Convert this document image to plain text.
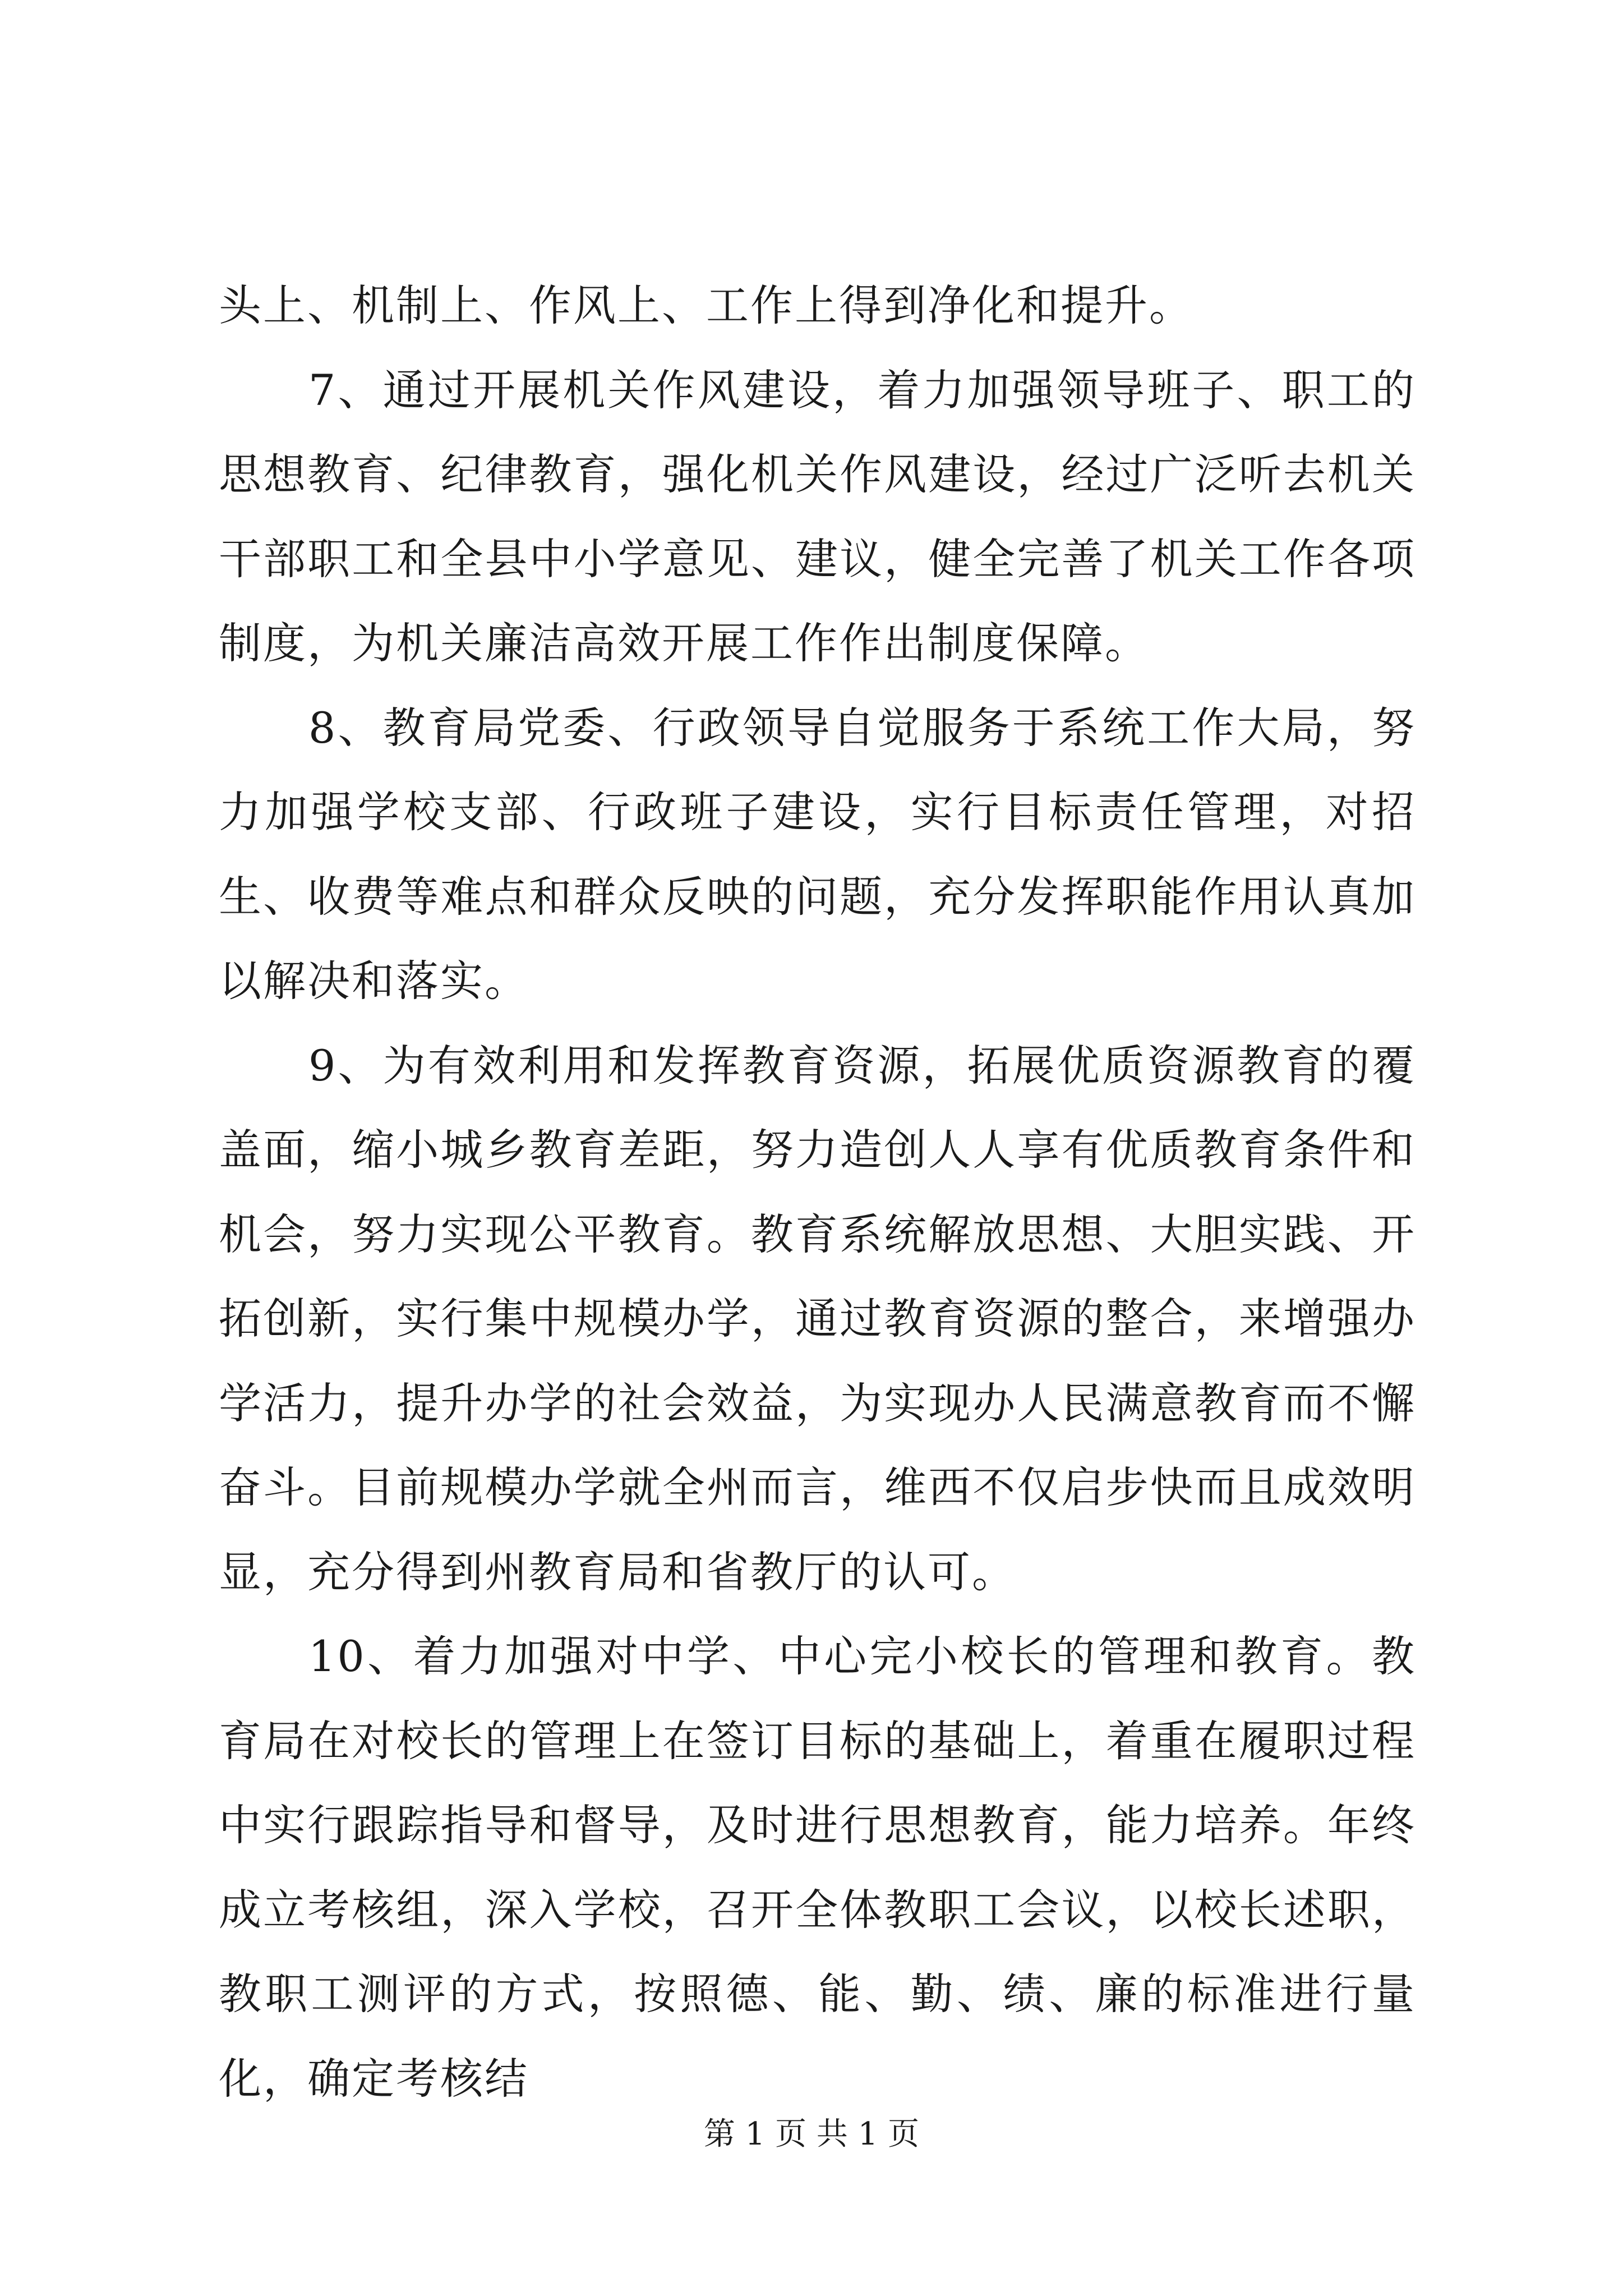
头上、机制上、作风上、工作上得到净化和提升。

7、通过开展机关作风建设，着力加强领导班子、职工的思想教育、纪律教育，强化机关作风建设，经过广泛听去机关干部职工和全县中小学意见、建议，健全完善了机关工作各项制度，为机关廉洁高效开展工作作出制度保障。

8、教育局党委、行政领导自觉服务于系统工作大局，努力加强学校支部、行政班子建设，实行目标责任管理，对招生、收费等难点和群众反映的问题，充分发挥职能作用认真加以解决和落实。

9、为有效利用和发挥教育资源，拓展优质资源教育的覆盖面，缩小城乡教育差距，努力造创人人享有优质教育条件和机会，努力实现公平教育。教育系统解放思想、大胆实践、开拓创新，实行集中规模办学，通过教育资源的整合，来增强办学活力，提升办学的社会效益，为实现办人民满意教育而不懈奋斗。目前规模办学就全州而言，维西不仅启步快而且成效明显，充分得到州教育局和省教厅的认可。

10、着力加强对中学、中心完小校长的管理和教育。教育局在对校长的管理上在签订目标的基础上，着重在履职过程中实行跟踪指导和督导，及时进行思想教育，能力培养。年终成立考核组，深入学校，召开全体教职工会议，以校长述职，教职工测评的方式，按照德、能、勤、绩、廉的标准进行量化，确定考核结

第 1 页 共 1 页
